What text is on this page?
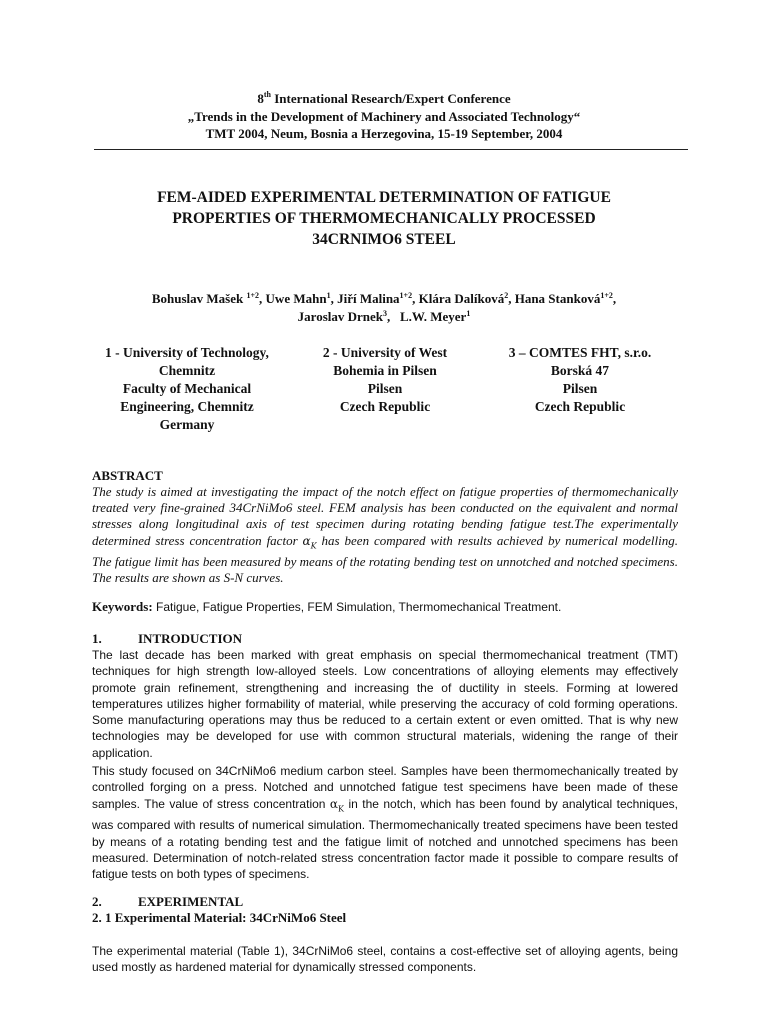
8th International Research/Expert Conference
„Trends in the Development of Machinery and Associated Technology“
TMT 2004, Neum, Bosnia a Herzegovina, 15-19 September, 2004
FEM-AIDED EXPERIMENTAL DETERMINATION OF FATIGUE
PROPERTIES OF THERMOMECHANICALLY PROCESSED
34CRNIMO6 STEEL
Bohuslav Mašek $^{1+2}$, Uwe Mahn$^1$, Jiří Malina$^{1+2}$, Klára Dalíková$^2$, Hana Stanková$^{1+2}$,
Jaroslav Drnek$^3$,   L.W. Meyer$^1$
1 - University of Technology,
Chemnitz
Faculty of Mechanical
Engineering, Chemnitz
Germany
2 - University of West
Bohemia in Pilsen
Pilsen
Czech Republic
3 – COMTES FHT, s.r.o.
Borská 47
Pilsen
Czech Republic
ABSTRACT
The study is aimed at investigating the impact of the notch effect on fatigue properties of thermomechanically treated very fine-grained 34CrNiMo6 steel. FEM analysis has been conducted on the equivalent and normal stresses along longitudinal axis of test specimen during rotating bending fatigue test.The experimentally determined stress concentration factor $\alpha_K$ has been compared with results achieved by numerical modelling. The fatigue limit has been measured by means of the rotating bending test on unnotched and notched specimens. The results are shown as S-N curves.
Keywords: Fatigue, Fatigue Properties, FEM Simulation, Thermomechanical Treatment.
1.	INTRODUCTION
The last decade has been marked with great emphasis on special thermomechanical treatment (TMT) techniques for high strength low-alloyed steels. Low concentrations of alloying elements may effectively promote grain refinement, strengthening and increasing the of ductility in steels. Forming at lowered temperatures utilizes higher formability of material, while preserving the accuracy of cold forming operations. Some manufacturing operations may thus be reduced to a certain extent or even omitted. That is why new technologies may be developed for use with common structural materials, widening the range of their application.
This study focused on 34CrNiMo6 medium carbon steel. Samples have been thermomechanically treated by controlled forging on a press. Notched and unnotched fatigue test specimens have been made of these samples. The value of stress concentration $\alpha_K$ in the notch, which has been found by analytical techniques, was compared with results of numerical simulation. Thermomechanically treated specimens have been tested by means of a rotating bending test and the fatigue limit of notched and unnotched specimens has been measured. Determination of notch-related stress concentration factor made it possible to compare results of fatigue tests on both types of specimens.
2.	EXPERIMENTAL
2. 1 Experimental Material: 34CrNiMo6 Steel
The experimental material (Table 1), 34CrNiMo6 steel, contains a cost-effective set of alloying agents, being used mostly as hardened material for dynamically stressed components.
